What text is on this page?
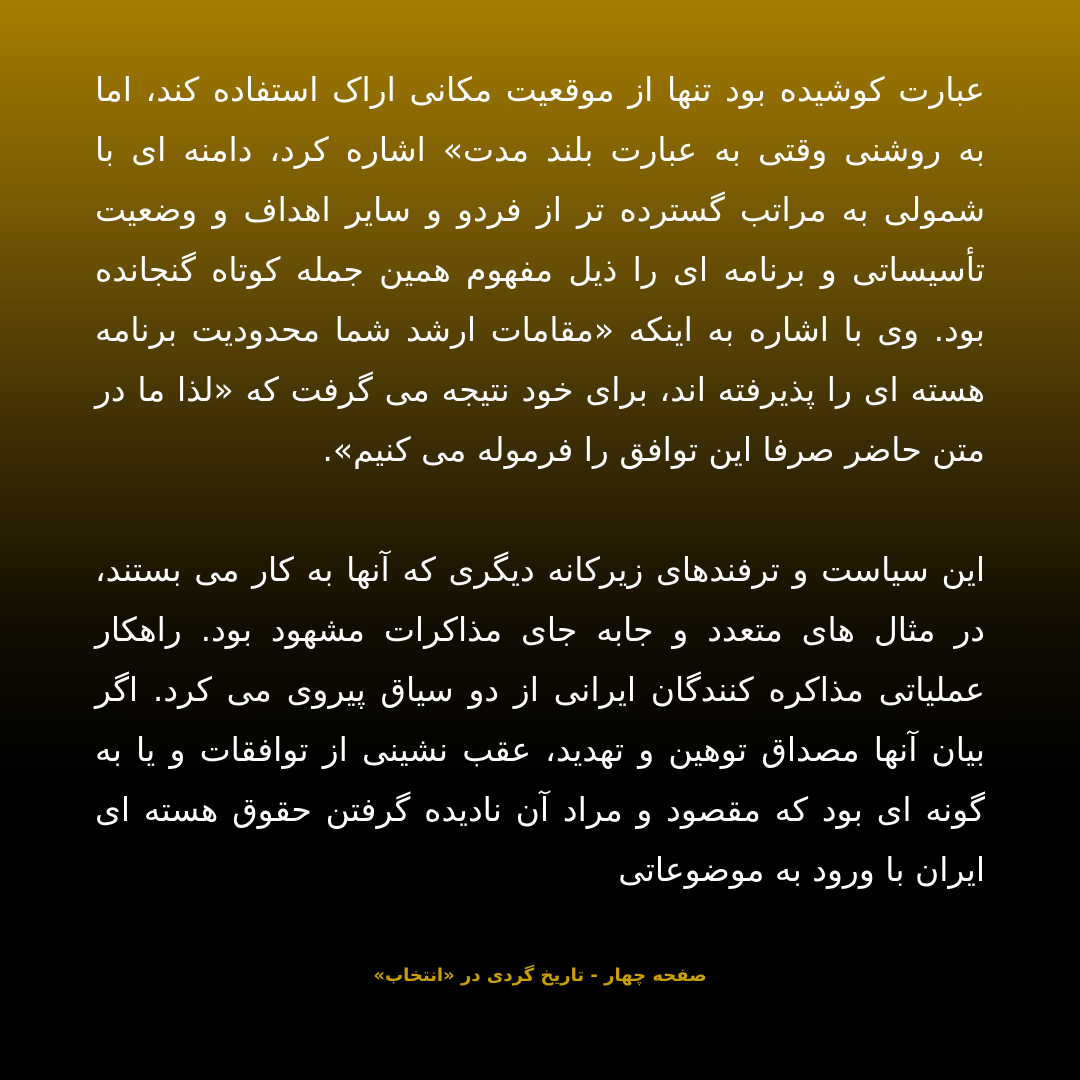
عبارت کوشیده بود تنها از موقعیت مکانی اراک استفاده کند، اما به روشنی وقتی به عبارت بلند مدت» اشاره کرد، دامنه ای با شمولی به مراتب گسترده تر از فردو و سایر اهداف و وضعیت تأسیساتی و برنامه ای را ذیل مفهوم همین جمله کوتاه گنجانده بود. وی با اشاره به اینکه «مقامات ارشد شما محدودیت برنامه هسته ای را پذیرفته اند، برای خود نتیجه می گرفت که «لذا ما در متن حاضر صرفا این توافق را فرموله می کنیم».

این سیاست و ترفندهای زیرکانه دیگری که آنها به کار می بستند، در مثال های متعدد و جابه جای مذاکرات مشهود بود. راهکار عملیاتی مذاکره کنندگان ایرانی از دو سیاق پیروی می کرد. اگر بیان آنها مصداق توهین و تهدید، عقب نشینی از توافقات و یا به گونه ای بود که مقصود و مراد آن نادیده گرفتن حقوق هسته ای ایران با ورود به موضوعاتی

صفحه چهار - تاریخ گردی در «انتخاب»
